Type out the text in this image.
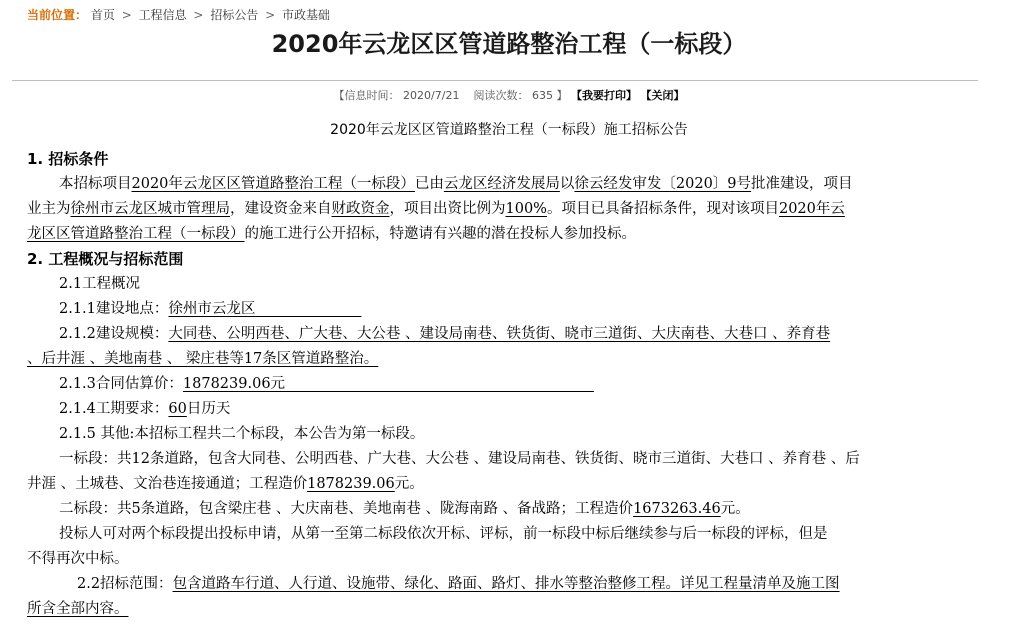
当前位置： 首页 > 工程信息 > 招标公告 > 市政基础
2020年云龙区区管道路整治工程（一标段）
【信息时间： 2020/7/21 阅读次数： 635 】 【我要打印】 【关闭】
2020年云龙区区管道路整治工程（一标段）施工招标公告
1. 招标条件
本招标项目2020年云龙区区管道路整治工程（一标段）已由云龙区经济发展局以徐云经发审发〔2020〕9号批准建设，项目
业主为徐州市云龙区城市管理局，建设资金来自财政资金，项目出资比例为100%。项目已具备招标条件，现对该项目2020年云
龙区区管道路整治工程（一标段）的施工进行公开招标，特邀请有兴趣的潜在投标人参加投标。
2. 工程概况与招标范围
2.1工程概况
2.1.1建设地点：徐州市云龙区
2.1.2建设规模：大同巷、公明西巷、广大巷、大公巷 、建设局南巷、铁货街、晓市三道街、大庆南巷、大巷口 、养育巷
、后井涯 、美地南巷 、 梁庄巷等17条区管道路整治。
2.1.3合同估算价：1878239.06元
2.1.4工期要求：60日历天
2.1.5 其他:本招标工程共二个标段，本公告为第一标段。
一标段：共12条道路，包含大同巷、公明西巷、广大巷、大公巷 、建设局南巷、铁货街、晓市三道街、大巷口 、养育巷 、后
井涯 、土城巷、文治巷连接通道；工程造价1878239.06元。
二标段：共5条道路，包含梁庄巷 、大庆南巷、美地南巷 、陇海南路 、备战路；工程造价1673263.46元。
投标人可对两个标段提出投标申请，从第一至第二标段依次开标、评标，前一标段中标后继续参与后一标段的评标，但是
不得再次中标。
2.2招标范围：包含道路车行道、人行道、设施带、绿化、路面、路灯、排水等整治整修工程。详见工程量清单及施工图
所含全部内容。
